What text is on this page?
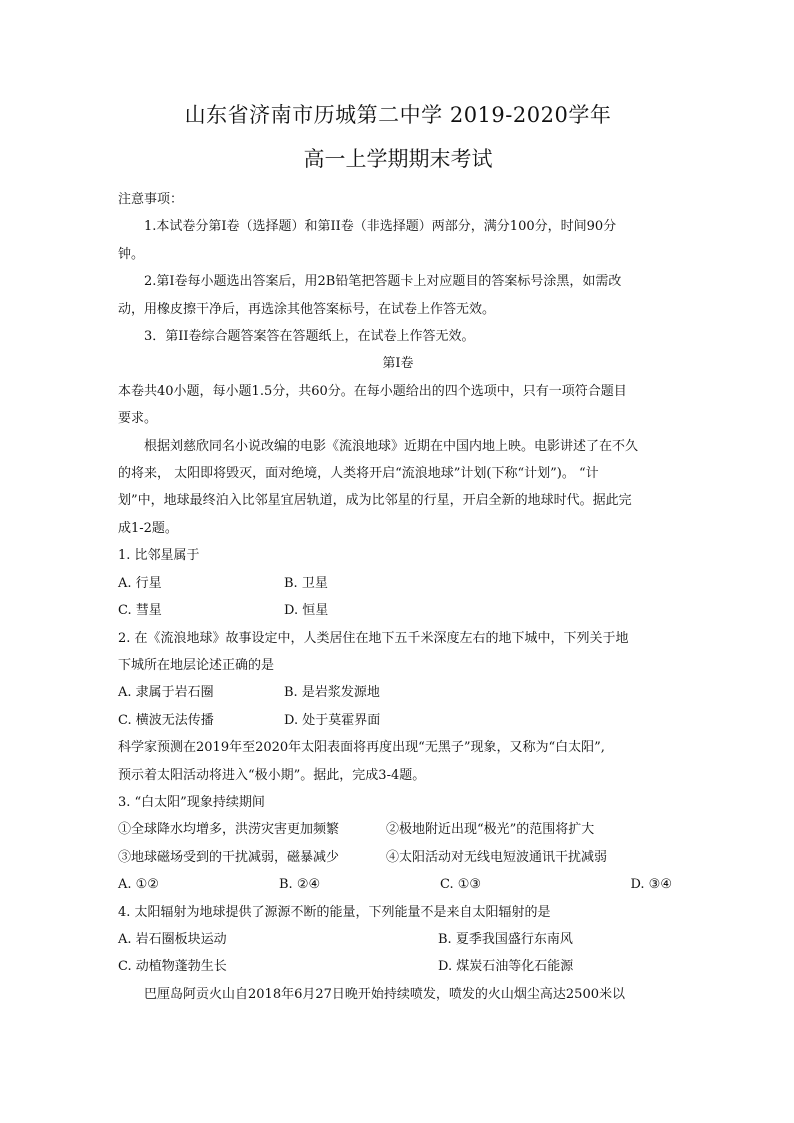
山东省济南市历城第二中学 2019-2020学年
高一上学期期末考试

注意事项：

1.本试卷分第I卷（选择题）和第II卷（非选择题）两部分，满分100分，时间90分

钟。

2.第I卷每小题选出答案后，用2B铅笔把答题卡上对应题目的答案标号涂黑，如需改

动，用橡皮擦干净后，再选涂其他答案标号，在试卷上作答无效。

3．第II卷综合题答案答在答题纸上，在试卷上作答无效。

第I卷

本卷共40小题，每小题1.5分，共60分。在每小题给出的四个选项中，只有一项符合题目

要求。

根据刘慈欣同名小说改编的电影《流浪地球》近期在中国内地上映。电影讲述了在不久

的将来， 太阳即将毁灭，面对绝境，人类将开启“流浪地球”计划(下称“计划”)。 “计

划”中，地球最终泊入比邻星宜居轨道，成为比邻星的行星，开启全新的地球时代。据此完

成1-2题。

1. 比邻星属于

A. 行星	B. 卫星
C. 彗星	D. 恒星

2. 在《流浪地球》故事设定中，人类居住在地下五千米深度左右的地下城中，下列关于地

下城所在地层论述正确的是

A. 隶属于岩石圈	B. 是岩浆发源地
C. 横波无法传播	D. 处于莫霍界面

科学家预测在2019年至2020年太阳表面将再度出现“无黑子”现象，又称为“白太阳”,

预示着太阳活动将进入“极小期”。据此，完成3-4题。

3. “白太阳”现象持续期间

①全球降水均增多，洪涝灾害更加频繁	②极地附近出现“极光”的范围将扩大
③地球磁场受到的干扰减弱，磁暴减少	④太阳活动对无线电短波通讯干扰减弱
A. ①②	B. ②④	C. ①③	D. ③④

4. 太阳辐射为地球提供了源源不断的能量，下列能量不是来自太阳辐射的是

A. 岩石圈板块运动	B. 夏季我国盛行东南风
C. 动植物蓬勃生长	D. 煤炭石油等化石能源

巴厘岛阿贡火山自2018年6月27日晚开始持续喷发，喷发的火山烟尘高达2500米以
